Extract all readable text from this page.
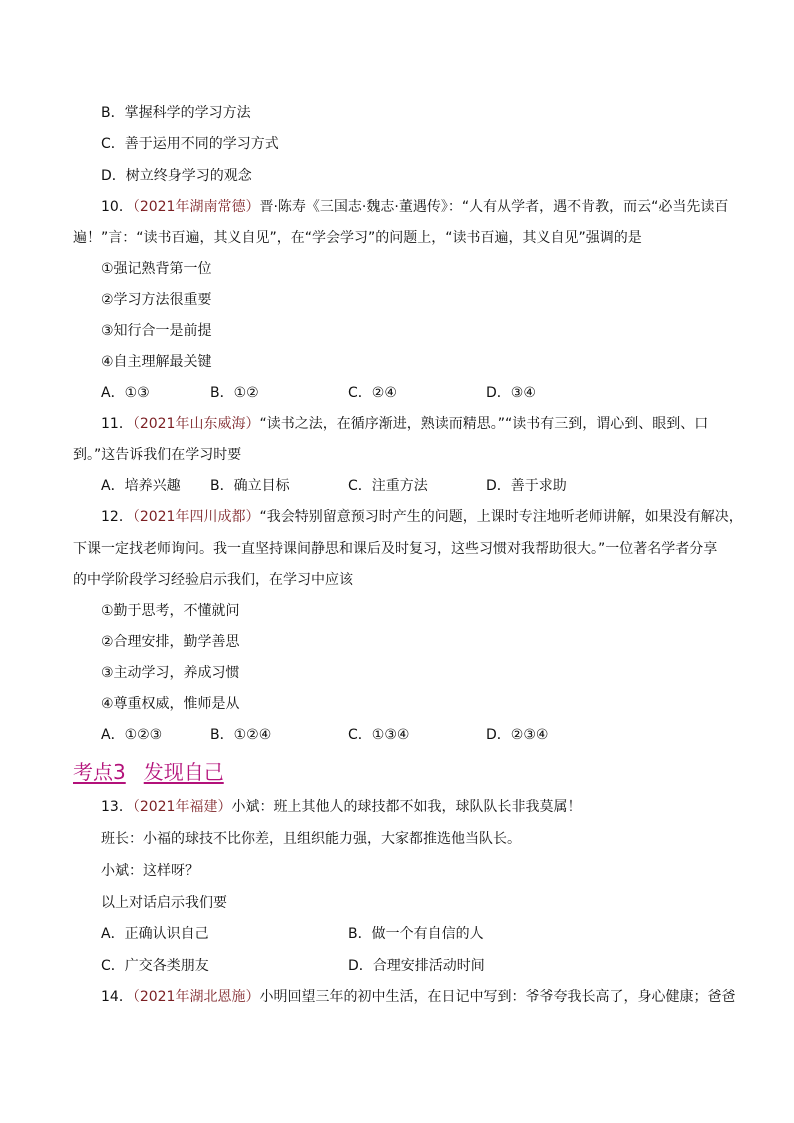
B．掌握科学的学习方法
C．善于运用不同的学习方式
D．树立终身学习的观念
10．（2021年湖南常德）晋·陈寿《三国志·魏志·董遇传》：“人有从学者，遇不肯教，而云“必当先读百
遍！”言：“读书百遍，其义自见”，在“学会学习”的问题上，“读书百遍，其义自见”强调的是
①强记熟背第一位
②学习方法很重要
③知行合一是前提
④自主理解最关键
A．①③	B．①②	C．②④	D．③④
11．（2021年山东威海）“读书之法，在循序渐进，熟读而精思。”“读书有三到，谓心到、眼到、口
到。”这告诉我们在学习时要
A．培养兴趣 B．确立目标	C．注重方法	D．善于求助
12．（2021年四川成都）“我会特别留意预习时产生的问题，上课时专注地听老师讲解，如果没有解决，
下课一定找老师询问。我一直坚持课间静思和课后及时复习，这些习惯对我帮助很大。”一位著名学者分享
的中学阶段学习经验启示我们，在学习中应该
①勤于思考，不懂就问
②合理安排，勤学善思
③主动学习，养成习惯
④尊重权威，惟师是从
A．①②③	B．①②④	C．①③④	D．②③④
考点3 发现自己
13．（2021年福建）小斌：班上其他人的球技都不如我，球队队长非我莫属！
班长：小福的球技不比你差，且组织能力强，大家都推选他当队长。
小斌：这样呀？
以上对话启示我们要
A．正确认识自己	B．做一个有自信的人
C．广交各类朋友	D．合理安排活动时间
14．（2021年湖北恩施）小明回望三年的初中生活，在日记中写到：爷爷夸我长高了，身心健康；爸爸
